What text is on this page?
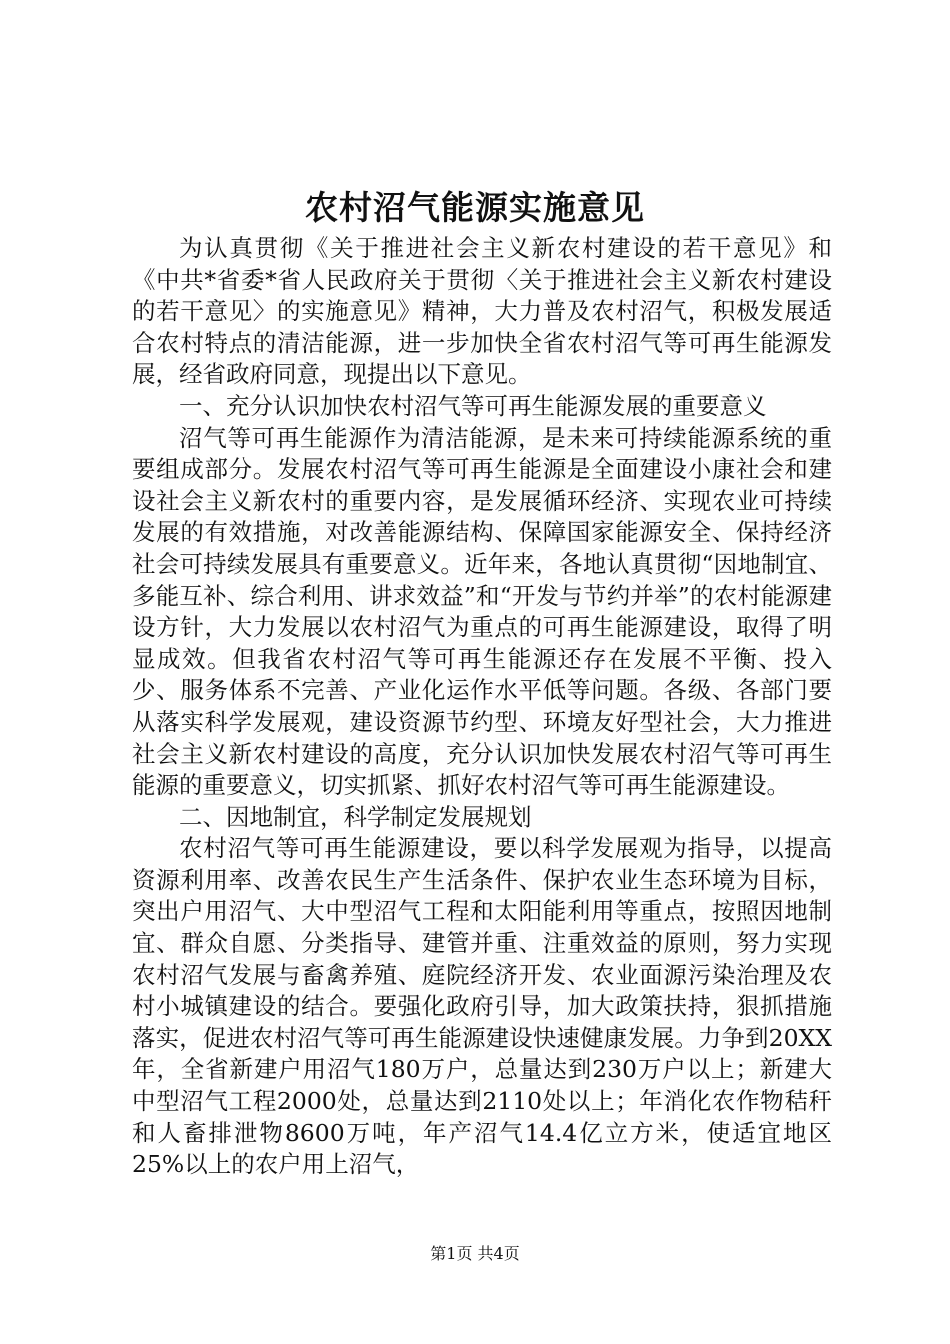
农村沼气能源实施意见

为认真贯彻《关于推进社会主义新农村建设的若干意见》和《中共*省委*省人民政府关于贯彻〈关于推进社会主义新农村建设的若干意见〉的实施意见》精神，大力普及农村沼气，积极发展适合农村特点的清洁能源，进一步加快全省农村沼气等可再生能源发展，经省政府同意，现提出以下意见。

一、充分认识加快农村沼气等可再生能源发展的重要意义

沼气等可再生能源作为清洁能源，是未来可持续能源系统的重要组成部分。发展农村沼气等可再生能源是全面建设小康社会和建设社会主义新农村的重要内容，是发展循环经济、实现农业可持续发展的有效措施，对改善能源结构、保障国家能源安全、保持经济社会可持续发展具有重要意义。近年来，各地认真贯彻“因地制宜、多能互补、综合利用、讲求效益”和“开发与节约并举”的农村能源建设方针，大力发展以农村沼气为重点的可再生能源建设，取得了明显成效。但我省农村沼气等可再生能源还存在发展不平衡、投入少、服务体系不完善、产业化运作水平低等问题。各级、各部门要从落实科学发展观，建设资源节约型、环境友好型社会，大力推进社会主义新农村建设的高度，充分认识加快发展农村沼气等可再生能源的重要意义，切实抓紧、抓好农村沼气等可再生能源建设。

二、因地制宜，科学制定发展规划

农村沼气等可再生能源建设，要以科学发展观为指导，以提高资源利用率、改善农民生产生活条件、保护农业生态环境为目标，突出户用沼气、大中型沼气工程和太阳能利用等重点，按照因地制宜、群众自愿、分类指导、建管并重、注重效益的原则，努力实现农村沼气发展与畜禽养殖、庭院经济开发、农业面源污染治理及农村小城镇建设的结合。要强化政府引导，加大政策扶持，狠抓措施落实，促进农村沼气等可再生能源建设快速健康发展。力争到20XX年，全省新建户用沼气180万户，总量达到230万户以上；新建大中型沼气工程2000处，总量达到2110处以上；年消化农作物秸秆和人畜排泄物8600万吨，年产沼气14.4亿立方米，使适宜地区25%以上的农户用上沼气，

第1页 共4页
